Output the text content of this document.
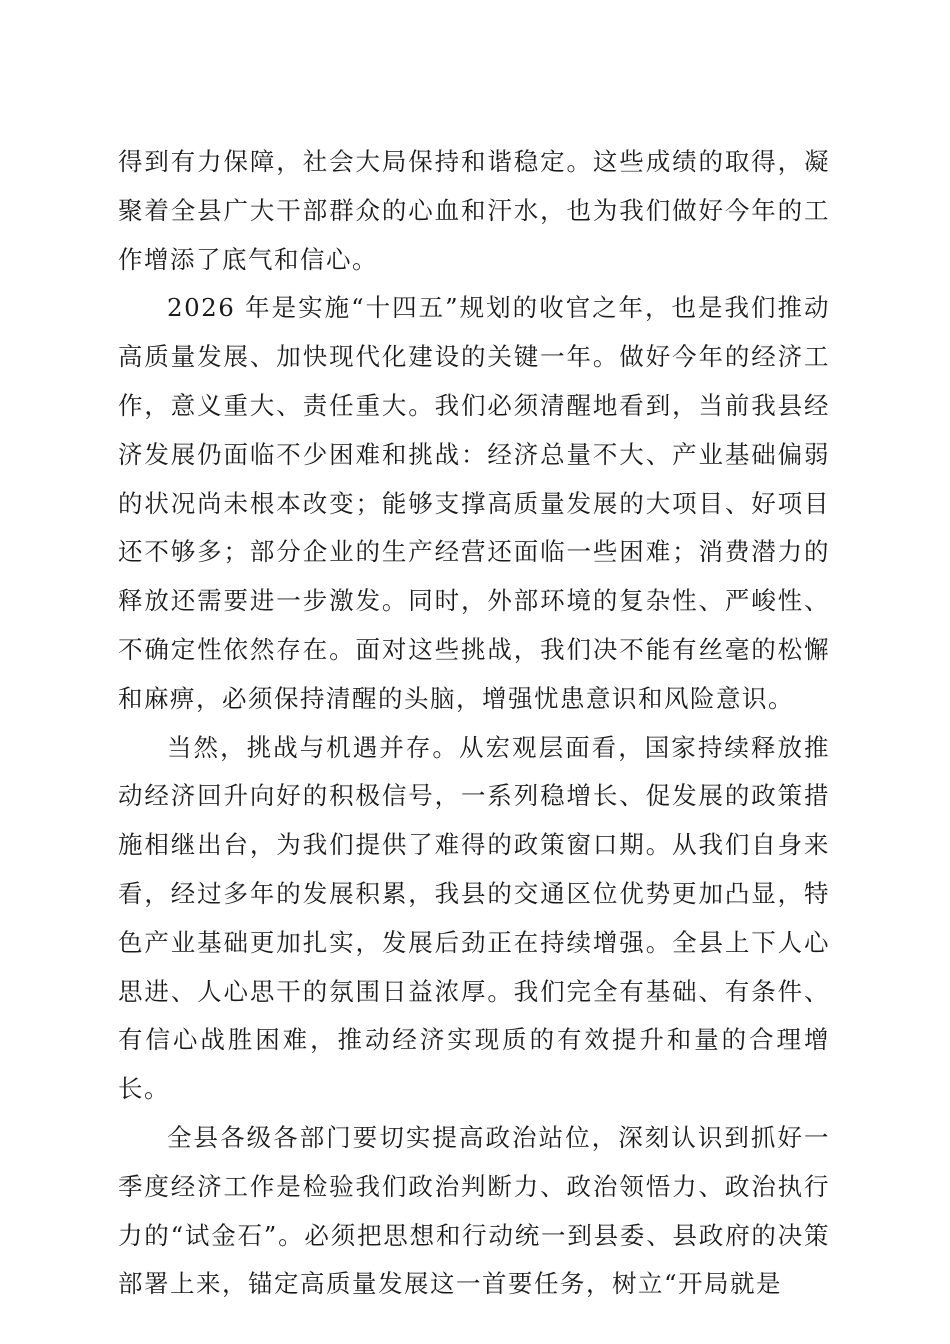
得到有力保障，社会大局保持和谐稳定。这些成绩的取得，凝聚着全县广大干部群众的心血和汗水，也为我们做好今年的工作增添了底气和信心。

2026 年是实施“十四五”规划的收官之年，也是我们推动高质量发展、加快现代化建设的关键一年。做好今年的经济工作，意义重大、责任重大。我们必须清醒地看到，当前我县经济发展仍面临不少困难和挑战：经济总量不大、产业基础偏弱的状况尚未根本改变；能够支撑高质量发展的大项目、好项目还不够多；部分企业的生产经营还面临一些困难；消费潜力的释放还需要进一步激发。同时，外部环境的复杂性、严峻性、不确定性依然存在。面对这些挑战，我们决不能有丝毫的松懈和麻痹，必须保持清醒的头脑，增强忧患意识和风险意识。

当然，挑战与机遇并存。从宏观层面看，国家持续释放推动经济回升向好的积极信号，一系列稳增长、促发展的政策措施相继出台，为我们提供了难得的政策窗口期。从我们自身来看，经过多年的发展积累，我县的交通区位优势更加凸显，特色产业基础更加扎实，发展后劲正在持续增强。全县上下人心思进、人心思干的氛围日益浓厚。我们完全有基础、有条件、有信心战胜困难，推动经济实现质的有效提升和量的合理增长。

全县各级各部门要切实提高政治站位，深刻认识到抓好一季度经济工作是检验我们政治判断力、政治领悟力、政治执行力的“试金石”。必须把思想和行动统一到县委、县政府的决策部署上来，锚定高质量发展这一首要任务，树立“开局就是
